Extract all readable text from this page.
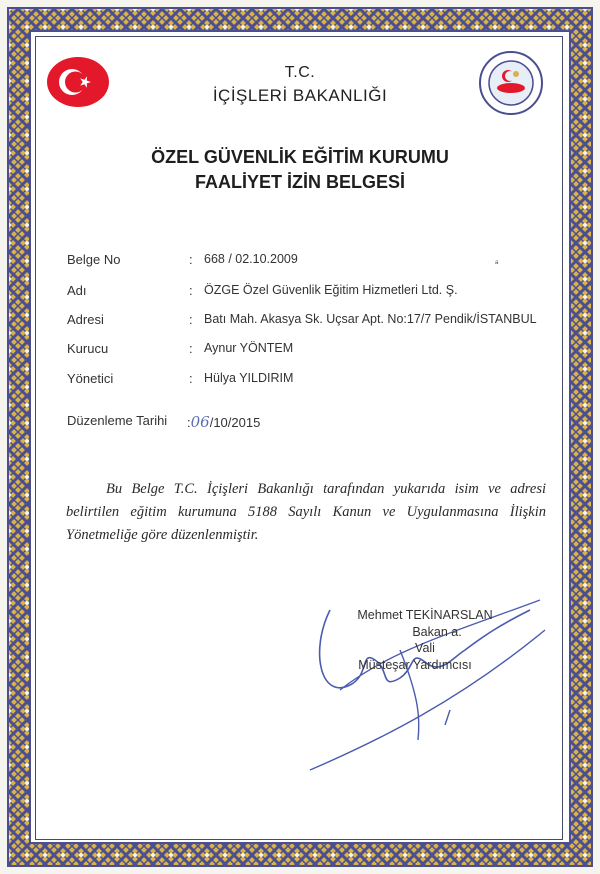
T.C.
İÇİŞLERİ BAKANLIĞI
ÖZEL GÜVENLİK EĞİTİM KURUMU
FAALİYET İZİN BELGESİ
Belge No	: 668 / 02.10.2009
Adı	: ÖZGE Özel Güvenlik Eğitim Hizmetleri Ltd. Ş.
Adresi	: Batı Mah. Akasya Sk. Uçsar Apt. No:17/7 Pendik/İSTANBUL
Kurucu	: Aynur YÖNTEM
Yönetici	: Hülya YILDIRIM
ᵃ
Düzenleme Tarihi :06/10/2015
Bu Belge T.C. İçişleri Bakanlığı tarafından yukarıda isim ve adresi belirtilen eğitim kurumuna 5188 Sayılı Kanun ve Uygulanmasına İlişkin Yönetmeliğe göre düzenlenmiştir.
Mehmet TEKİNARSLAN
Bakan a.
Vali
Müsteşar Yardımcısı
